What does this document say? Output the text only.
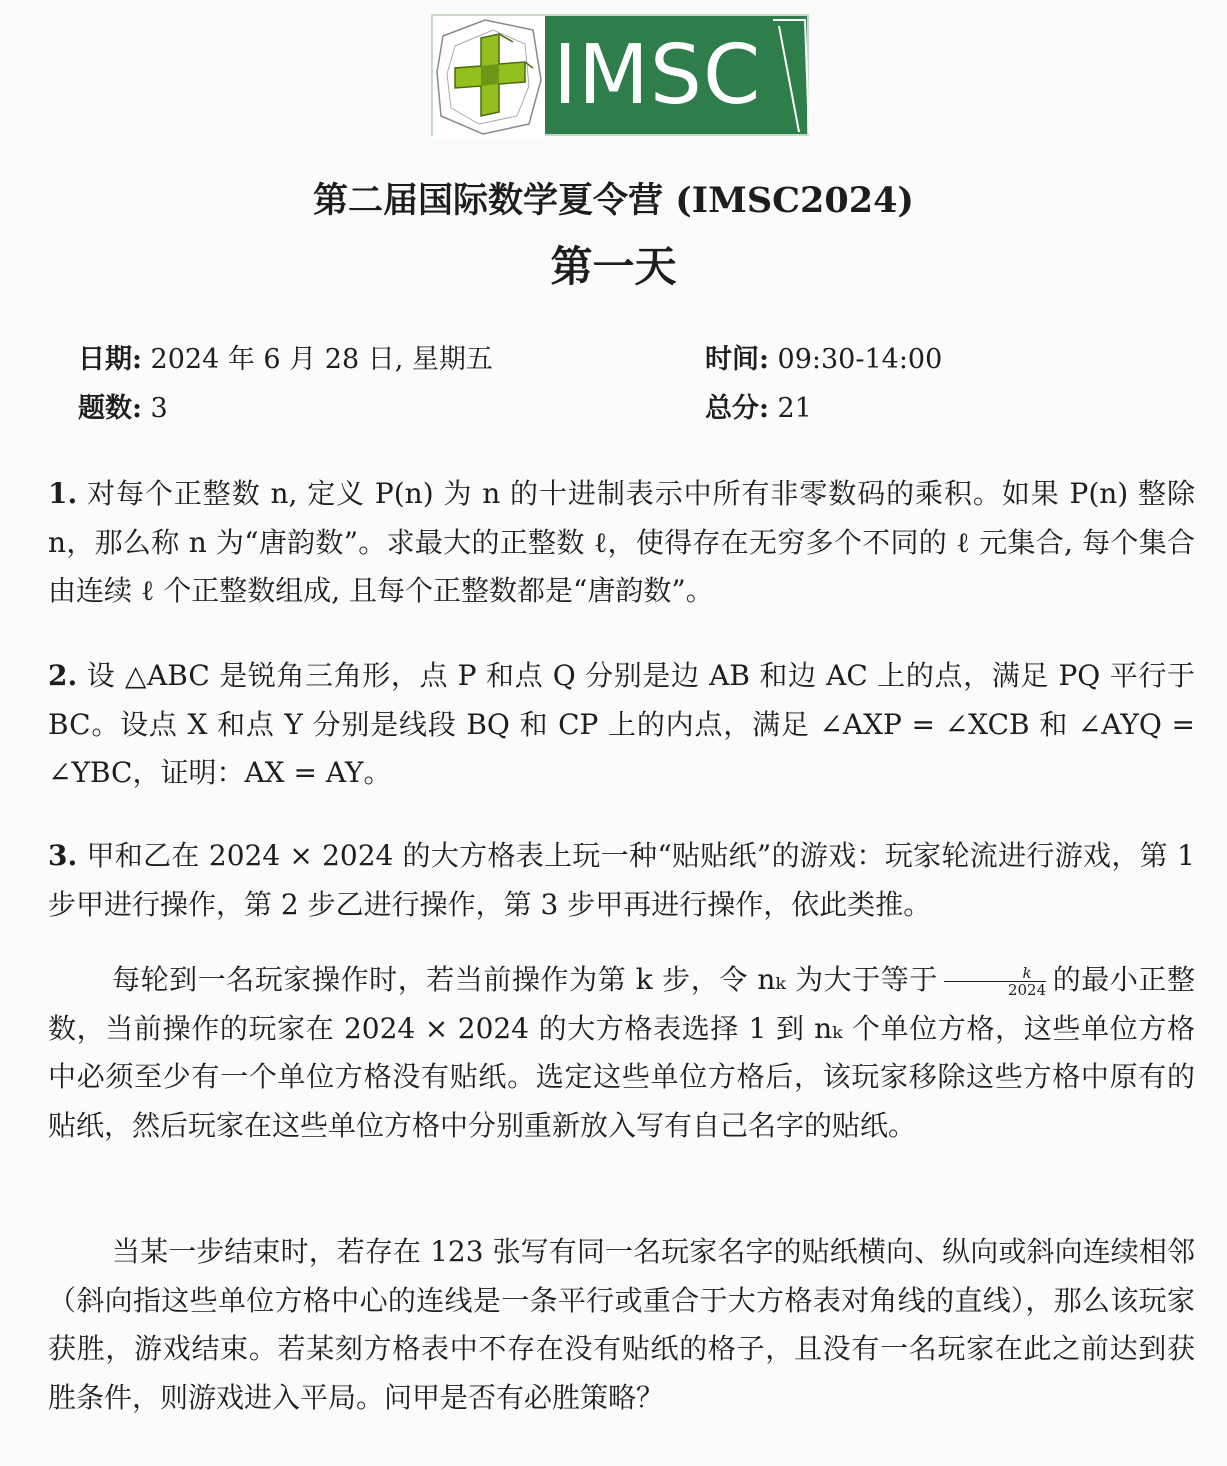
IMSC
第二届国际数学夏令营 (IMSC2024)
第一天
日期: 2024 年 6 月 28 日, 星期五	时间: 09:30-14:00
题数: 3	总分: 21
1. 对每个正整数 n, 定义 P(n) 为 n 的十进制表示中所有非零数码的乘积。如果 P(n) 整除 n，那么称 n 为“唐韵数”。求最大的正整数 ℓ，使得存在无穷多个不同的 ℓ 元集合, 每个集合由连续 ℓ 个正整数组成, 且每个正整数都是“唐韵数”。
2. 设 △ABC 是锐角三角形，点 P 和点 Q 分别是边 AB 和边 AC 上的点，满足 PQ 平行于 BC。设点 X 和点 Y 分别是线段 BQ 和 CP 上的内点，满足 ∠AXP = ∠XCB 和 ∠AYQ = ∠YBC，证明：AX = AY。
3. 甲和乙在 2024 × 2024 的大方格表上玩一种“贴贴纸”的游戏：玩家轮流进行游戏，第 1 步甲进行操作，第 2 步乙进行操作，第 3 步甲再进行操作，依此类推。
每轮到一名玩家操作时，若当前操作为第 k 步，令 nₖ 为大于等于 $\frac{k}{2024}$ 的最小正整数，当前操作的玩家在 2024 × 2024 的大方格表选择 1 到 nₖ 个单位方格，这些单位方格中必须至少有一个单位方格没有贴纸。选定这些单位方格后，该玩家移除这些方格中原有的贴纸，然后玩家在这些单位方格中分别重新放入写有自己名字的贴纸。
当某一步结束时，若存在 123 张写有同一名玩家名字的贴纸横向、纵向或斜向连续相邻（斜向指这些单位方格中心的连线是一条平行或重合于大方格表对角线的直线），那么该玩家获胜，游戏结束。若某刻方格表中不存在没有贴纸的格子，且没有一名玩家在此之前达到获胜条件，则游戏进入平局。问甲是否有必胜策略？
